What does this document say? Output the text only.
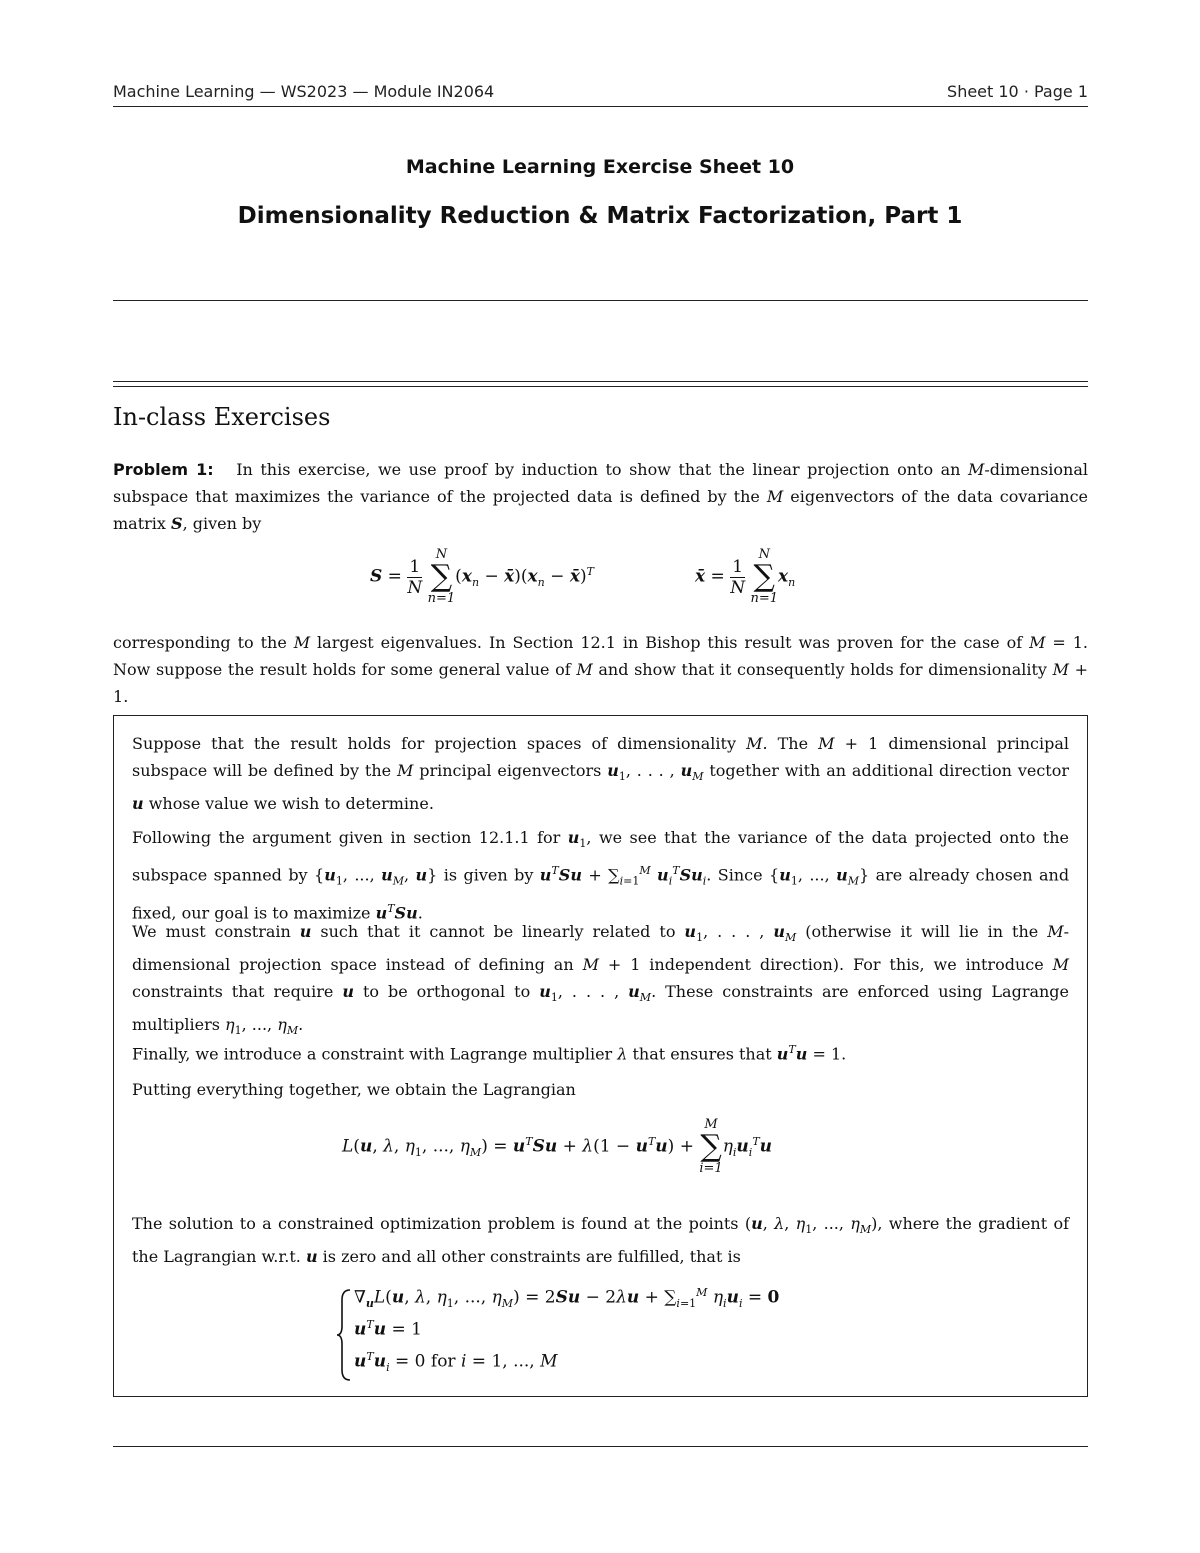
Machine Learning — WS2023 — Module IN2064	Sheet 10 · Page 1
Machine Learning Exercise Sheet 10
Dimensionality Reduction & Matrix Factorization, Part 1
In-class Exercises
Problem 1: In this exercise, we use proof by induction to show that the linear projection onto an M-dimensional subspace that maximizes the variance of the projected data is defined by the M eigenvectors of the data covariance matrix S, given by
$S = \frac{1}{N}$

N
∑
n=1
($x_n$ − $x̄)(x_n$ − x̄)$^T$	x̄ = $\frac{1}{N}$

N
∑
n=1
$x_n$
corresponding to the M largest eigenvalues. In Section 12.1 in Bishop this result was proven for the case of M = 1. Now suppose the result holds for some general value of M and show that it consequently holds for dimensionality M + 1.
Suppose that the result holds for projection spaces of dimensionality M. The M + 1 dimensional principal subspace will be defined by the M principal eigenvectors $u_1$, . . . , $u_M$ together with an additional direction vector u whose value we wish to determine.
Following the argument given in section 12.1.1 for $u_1$, we see that the variance of the data projected onto the subspace spanned by {$u_1$, ..., $u_M$, u} is given by $u^TSu + \sum_{i=1}^M$ $u_i^TSu_i$. Since {$u_1$, ..., $u_M$} are already chosen and fixed, our goal is to maximize $u^TSu$.
We must constrain u such that it cannot be linearly related to $u_1$, . . . , $u_M$ (otherwise it will lie in the M-dimensional projection space instead of defining an M + 1 independent direction). For this, we introduce M constraints that require u to be orthogonal to $u_1$, . . . , $u_M$. These constraints are enforced using Lagrange multipliers $\eta_1$, ..., $\eta_M$.
Finally, we introduce a constraint with Lagrange multiplier λ that ensures that $u^Tu = 1$.
Putting everything together, we obtain the Lagrangian
L(u, λ, $\eta_1$, ..., $\eta_M) = u^TSu + \lambda(1 - u^Tu)$ +
M
∑
i=1
$\eta_iu_i^Tu$
The solution to a constrained optimization problem is found at the points (u, λ, $\eta_1$, ..., $\eta_M$), where the gradient of the Lagrangian w.r.t. u is zero and all other constraints are fulfilled, that is
$\nabla_uL(u$, λ, $\eta_1$, ..., $\eta_M) = 2Su - 2\lambda u + \sum_{i=1}^M$ $\eta_iu_i = 0$
$u^Tu = 1$
$u^Tu_i = 0$ for i = 1, ..., M
